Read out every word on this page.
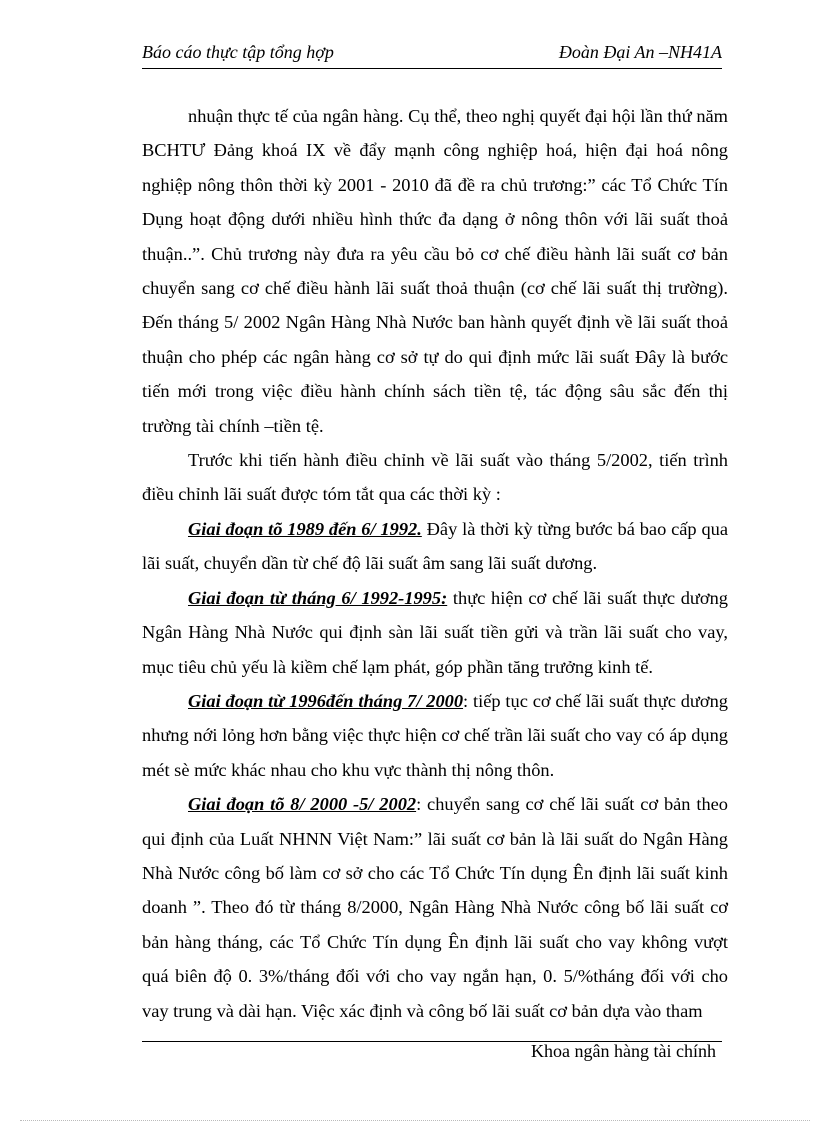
Báo cáo thực tập tổng hợp	Đoàn Đại An –NH41A

nhuận thực tế của ngân hàng. Cụ thể, theo nghị quyết đại hội lần thứ năm BCHTƯ Đảng khoá IX về đẩy mạnh công nghiệp hoá, hiện đại hoá nông nghiệp nông thôn thời kỳ 2001 - 2010 đã đề ra chủ trương:” các Tổ Chức Tín Dụng hoạt động dưới nhiều hình thức đa dạng ở nông thôn với lãi suất thoả thuận..”. Chủ trương này đưa ra yêu cầu bỏ cơ chế điều hành lãi suất cơ bản chuyển sang cơ chế điều hành lãi suất thoả thuận (cơ chế lãi suất thị trường). Đến tháng 5/ 2002 Ngân Hàng Nhà Nước ban hành quyết định về lãi suất thoả thuận cho phép các ngân hàng cơ sở tự do qui định mức lãi suất Đây là bước tiến mới trong việc điều hành chính sách tiền tệ, tác động sâu sắc đến thị trường tài chính –tiền tệ.

Trước khi tiến hành điều chỉnh về lãi suất vào tháng 5/2002, tiến trình điều chỉnh lãi suất được tóm tắt qua các thời kỳ :

Giai đoạn tõ 1989 đến 6/ 1992. Đây là thời kỳ từng bước bá bao cấp qua lãi suất, chuyển dần từ chế độ lãi suất âm sang lãi suất dương.

Giai đoạn từ tháng 6/ 1992-1995: thực hiện cơ chế lãi suất thực dương Ngân Hàng Nhà Nước qui định sàn lãi suất tiền gửi và trần lãi suất cho vay, mục tiêu chủ yếu là kiềm chế lạm phát, góp phần tăng trưởng kinh tế.

Giai đoạn từ 1996đến tháng 7/ 2000: tiếp tục cơ chế lãi suất thực dương nhưng nới lỏng hơn bằng việc thực hiện cơ chế trần lãi suất cho vay có áp dụng mét sè mức khác nhau cho khu vực thành thị nông thôn.

Giai đoạn tõ 8/ 2000 -5/ 2002: chuyển sang cơ chế lãi suất cơ bản theo qui định của Luất NHNN Việt Nam:” lãi suất cơ bản là lãi suất do Ngân Hàng Nhà Nước công bố làm cơ sở cho các Tổ Chức Tín dụng Ên định lãi suất kinh doanh ”. Theo đó từ tháng 8/2000, Ngân Hàng Nhà Nước công bố lãi suất cơ bản hàng tháng, các Tổ Chức Tín dụng Ên định lãi suất cho vay không vượt quá biên độ 0. 3%/tháng đối với cho vay ngắn hạn, 0. 5/%tháng đối với cho vay trung và dài hạn. Việc xác định và công bố lãi suất cơ bản dựa vào tham

Khoa ngân hàng tài chính
